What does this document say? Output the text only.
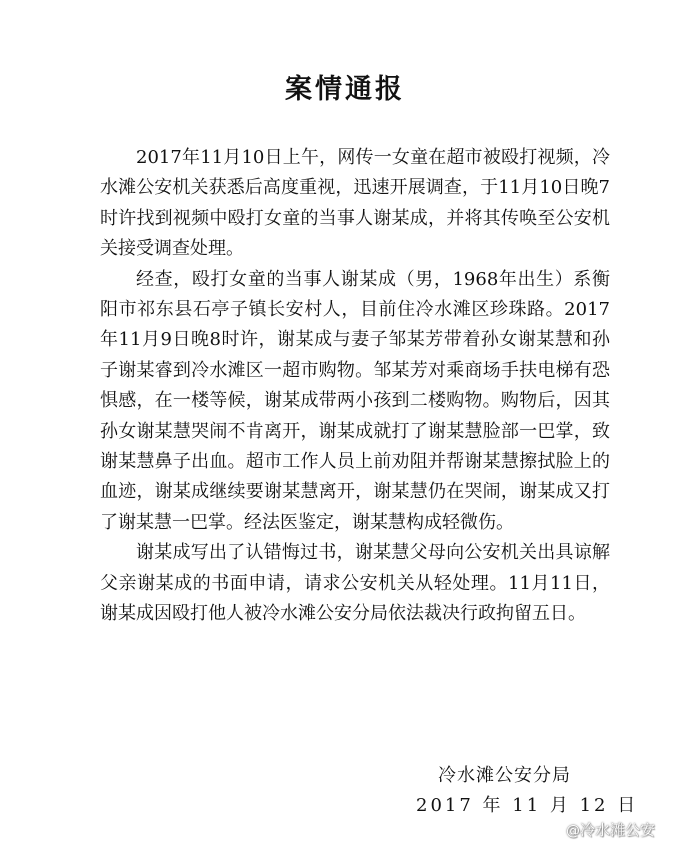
案情通报

2017年11月10日上午，网传一女童在超市被殴打视频，冷水滩公安机关获悉后高度重视，迅速开展调查，于11月10日晚7时许找到视频中殴打女童的当事人谢某成，并将其传唤至公安机关接受调查处理。

经查，殴打女童的当事人谢某成（男，1968年出生）系衡阳市祁东县石亭子镇长安村人，目前住冷水滩区珍珠路。2017年11月9日晚8时许，谢某成与妻子邹某芳带着孙女谢某慧和孙子谢某睿到冷水滩区一超市购物。邹某芳对乘商场手扶电梯有恐惧感，在一楼等候，谢某成带两小孩到二楼购物。购物后，因其孙女谢某慧哭闹不肯离开，谢某成就打了谢某慧脸部一巴掌，致谢某慧鼻子出血。超市工作人员上前劝阻并帮谢某慧擦拭脸上的血迹，谢某成继续要谢某慧离开，谢某慧仍在哭闹，谢某成又打了谢某慧一巴掌。经法医鉴定，谢某慧构成轻微伤。

谢某成写出了认错悔过书，谢某慧父母向公安机关出具谅解父亲谢某成的书面申请，请求公安机关从轻处理。11月11日，谢某成因殴打他人被冷水滩公安分局依法裁决行政拘留五日。

冷水滩公安分局
2017 年 11 月 12 日
@冷水滩公安
